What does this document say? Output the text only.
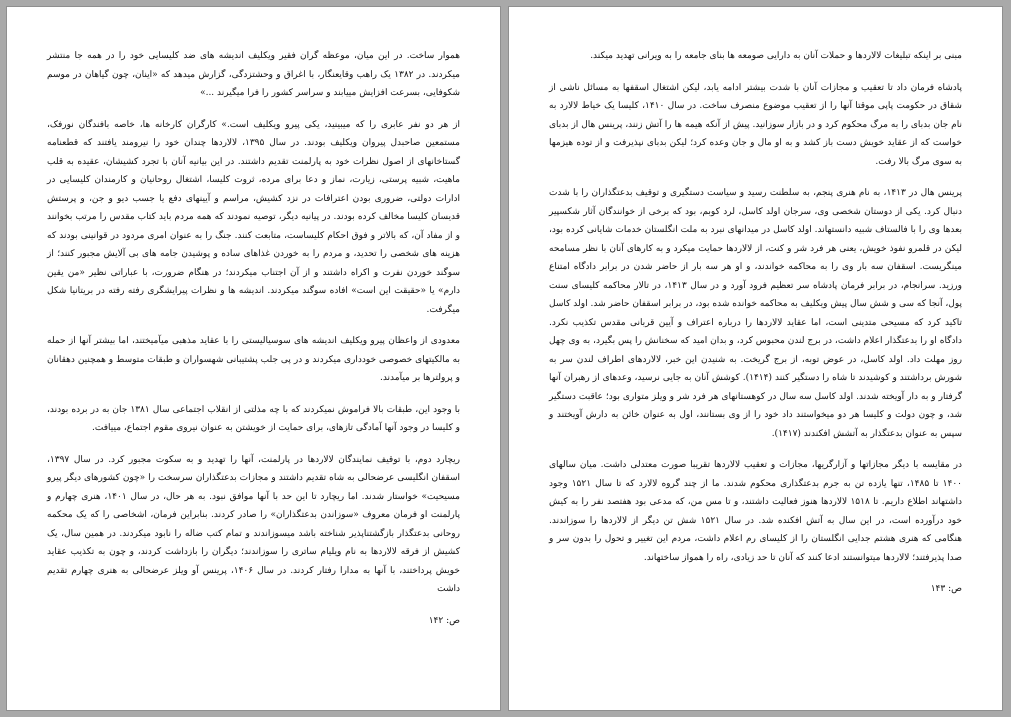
هموار ساخت. در این میان، موعظه گران فقیر ویکلیف اندیشه های ضد کلیسایی خود را در همه جا منتشر میکردند. در ۱۳۸۲ یک راهب وقایعنگار، با اغراق و وحشتزدگی، گزارش میدهد که «اینان، چون گیاهان در موسم شکوفایی، بسرعت افزایش مییابند و سراسر کشور را فرا میگیرند ...»

از هر دو نفر عابری را که میبینید، یکی پیرو ویکلیف است.» کارگران کارخانه ها، خاصه بافندگان نورفک، مستمعین صاحبدل پیروان ویکلیف بودند. در سال ۱۳۹۵، لالاردها چندان خود را نیرومند یافتند که قطعنامه گستاخانهای از اصول نظرات خود به پارلمنت تقدیم داشتند. در این بیانیه آنان با تجرد کشیشان، عقیده به قلب ماهیت، شبیه پرستی، زیارت، نماز و دعا برای مرده، ثروت کلیسا، اشتغال روحانیان و کارمندان کلیسایی در ادارات دولتی، ضروری بودن اعترافات در نزد کشیش، مراسم و آیینهای دفع یا جسب دیو و جن، و پرستش قدیسان کلیسا مخالف کرده بودند. در پیانیه دیگر، توصیه نمودند که همه مردم باید کتاب مقدس را مرتب بخوانند و از مفاد آن، که بالاتر و فوق احکام کلیساست، متابعت کنند. جنگ را به عنوان امری مردود در قوانینی بودند که هزینه های شخصی را تحدید، و مردم را به خوردن غذاهای ساده و پوشیدن جامه های بی آلایش مجبور کنند؛ از سوگند خوردن نفرت و اکراه داشتند و از آن اجتناب میکردند؛ در هنگام ضرورت، با عباراتی نظیر «من یقین دارم» یا «حقیقت این است» افاده سوگند میکردند. اندیشه ها و نظرات پیرایشگری رفته رفته در بریتانیا شکل میگرفت.

معدودی از واعظان پیرو ویکلیف اندیشه های سوسیالیستی را با عقاید مذهبی میآمیختند، اما بیشتر آنها از حمله به مالکیتهای خصوصی خودداری میکردند و در پی جلب پشتیبانی شهسواران و طبقات متوسط و همچنین دهقانان و پرولترها بر میآمدند.

با وجود این، طبقات بالا فراموش نمیکردند که با چه مذلتی از انقلاب اجتماعی سال ۱۳۸۱ جان به در برده بودند، و کلیسا در وجود آنها آمادگی تازهای، برای حمایت از خویشتن به عنوان نیروی مقوم اجتماع، مییافت.

ریچارد دوم، با توقیف نمایندگان لالاردها در پارلمنت، آنها را تهدید و به سکوت مجبور کرد. در سال ۱۳۹۷، اسقفان انگلیسی عرضحالی به شاه تقدیم داشتند و مجازات بدعتگذاران سرسخت را «چون کشورهای دیگر پیرو مسیحیت» خواستار شدند. اما ریچارد تا این حد با آنها موافق نبود. به هر حال، در سال ۱۴۰۱، هنری چهارم و پارلمنت او فرمان معروف «سوزاندن بدعتگذاران» را صادر کردند. بنابراین فرمان، اشخاصی را که یک محکمه روحانی بدعتگذار بازگشتناپذیر شناخته باشد میسوزاندند و تمام کتب ضاله را نابود میکردند. در همین سال، یک کشیش از فرقه لالاردها به نام ویلیام ساتری را سوزاندند؛ دیگران را بازداشت کردند، و چون به تکذیب عقاید خویش پرداختند، با آنها به مدارا رفتار کردند. در سال ۱۴۰۶، پرینس آو ویلز عرضحالی به هنری چهارم تقدیم داشت

ص: ۱۴۲

مبنی بر اینکه تبلیغات لالاردها و حملات آنان به دارایی صومعه ها بنای جامعه را به ویرانی تهدید میکند.

پادشاه فرمان داد تا تعقیب و مجازات آنان با شدت بیشتر ادامه یابد، لیکن اشتغال اسقفها به مسائل ناشی از شقاق در حکومت پاپی موقتا آنها را از تعقیب موضوع منصرف ساخت. در سال ۱۴۱۰، کلیسا یک خیاط لالارد به نام جان بدبای را به مرگ محکوم کرد و در بازار سوزانید. پیش از آنکه هیمه ها را آتش زنند، پرینس هال از بدبای خواست که از عقاید خویش دست باز کشد و به او مال و جان وعده کرد؛ لیکن بدبای نپذیرفت و از توده هیزمها به سوی مرگ بالا رفت.

پرینس هال در ۱۴۱۳، به نام هنری پنجم، به سلطنت رسید و سیاست دستگیری و توقیف بدعتگذاران را با شدت دنبال کرد. یکی از دوستان شخصی وی، سرجان اولد کاسل، لرد کوبم، بود که برخی از خوانندگان آثار شکسپیر بعدها وی را با فالستاف شبیه دانستهاند. اولد کاسل در میدانهای نبرد به ملت انگلستان خدمات شایانی کرده بود، لیکن در قلمرو نفوذ خویش، یعنی هر فرد شر و کنت، از لالاردها حمایت میکرد و به کارهای آنان با نظر مسامحه مینگریست. اسقفان سه بار وی را به محاکمه خواندند، و او هر سه بار از حاضر شدن در برابر دادگاه امتناع ورزید. سرانجام، در برابر فرمان پادشاه سر تعظیم فرود آورد و در سال ۱۴۱۳، در تالار محاکمه کلیسای سنت پول، آنجا که سی و شش سال پیش ویکلیف به محاکمه خوانده شده بود، در برابر اسقفان حاضر شد. اولد کاسل تاکید کرد که مسیحی متدینی است، اما عقاید لالاردها را درباره اعتراف و آیین قربانی مقدس تکذیب نکرد. دادگاه او را بدعتگذار اعلام داشت، در برج لندن محبوس کرد، و بدان امید که سخنانش را پس بگیرد، به وی چهل روز مهلت داد. اولد کاسل، در عوض توبه، از برج گریخت. به شنیدن این خبر، لالاردهای اطراف لندن سر به شورش برداشتند و کوشیدند تا شاه را دستگیر کنند (۱۴۱۴). کوشش آنان به جایی نرسید، وعدهای از رهبران آنها گرفتار و به دار آویخته شدند. اولد کاسل سه سال در کوهستانهای هر فرد شر و ویلز متواری بود؛ عاقبت دستگیر شد، و چون دولت و کلیسا هر دو میخواستند داد خود را از وی بستانند، اول به عنوان خائن به دارش آویختند و سپس به عنوان بدعتگذار به آتشش افکندند (۱۴۱۷).

در مقایسه با دیگر مجازاتها و آزارگریها، مجازات و تعقیب لالاردها تقریبا صورت معتدلی داشت. میان سالهای ۱۴۰۰ تا ۱۴۸۵، تنها یازده تن به جرم بدعتگذاری محکوم شدند. ما از چند گروه لالارد که تا سال ۱۵۲۱ وجود داشتهاند اطلاع داریم. تا ۱۵۱۸ لالاردها هنوز فعالیت داشتند، و تا مس من، که مدعی بود هفتصد نفر را به کیش خود درآورده است، در این سال به آتش افکنده شد. در سال ۱۵۲۱ شش تن دیگر از لالاردها را سوزاندند. هنگامی که هنری هشتم جدایی انگلستان را از کلیسای رم اعلام داشت، مردم این تغییر و تحول را بدون سر و صدا پذیرفتند؛ لالاردها میتوانستند ادعا کنند که آنان تا حد زیادی، راه را همواز ساختهاند.

ص: ۱۴۳
